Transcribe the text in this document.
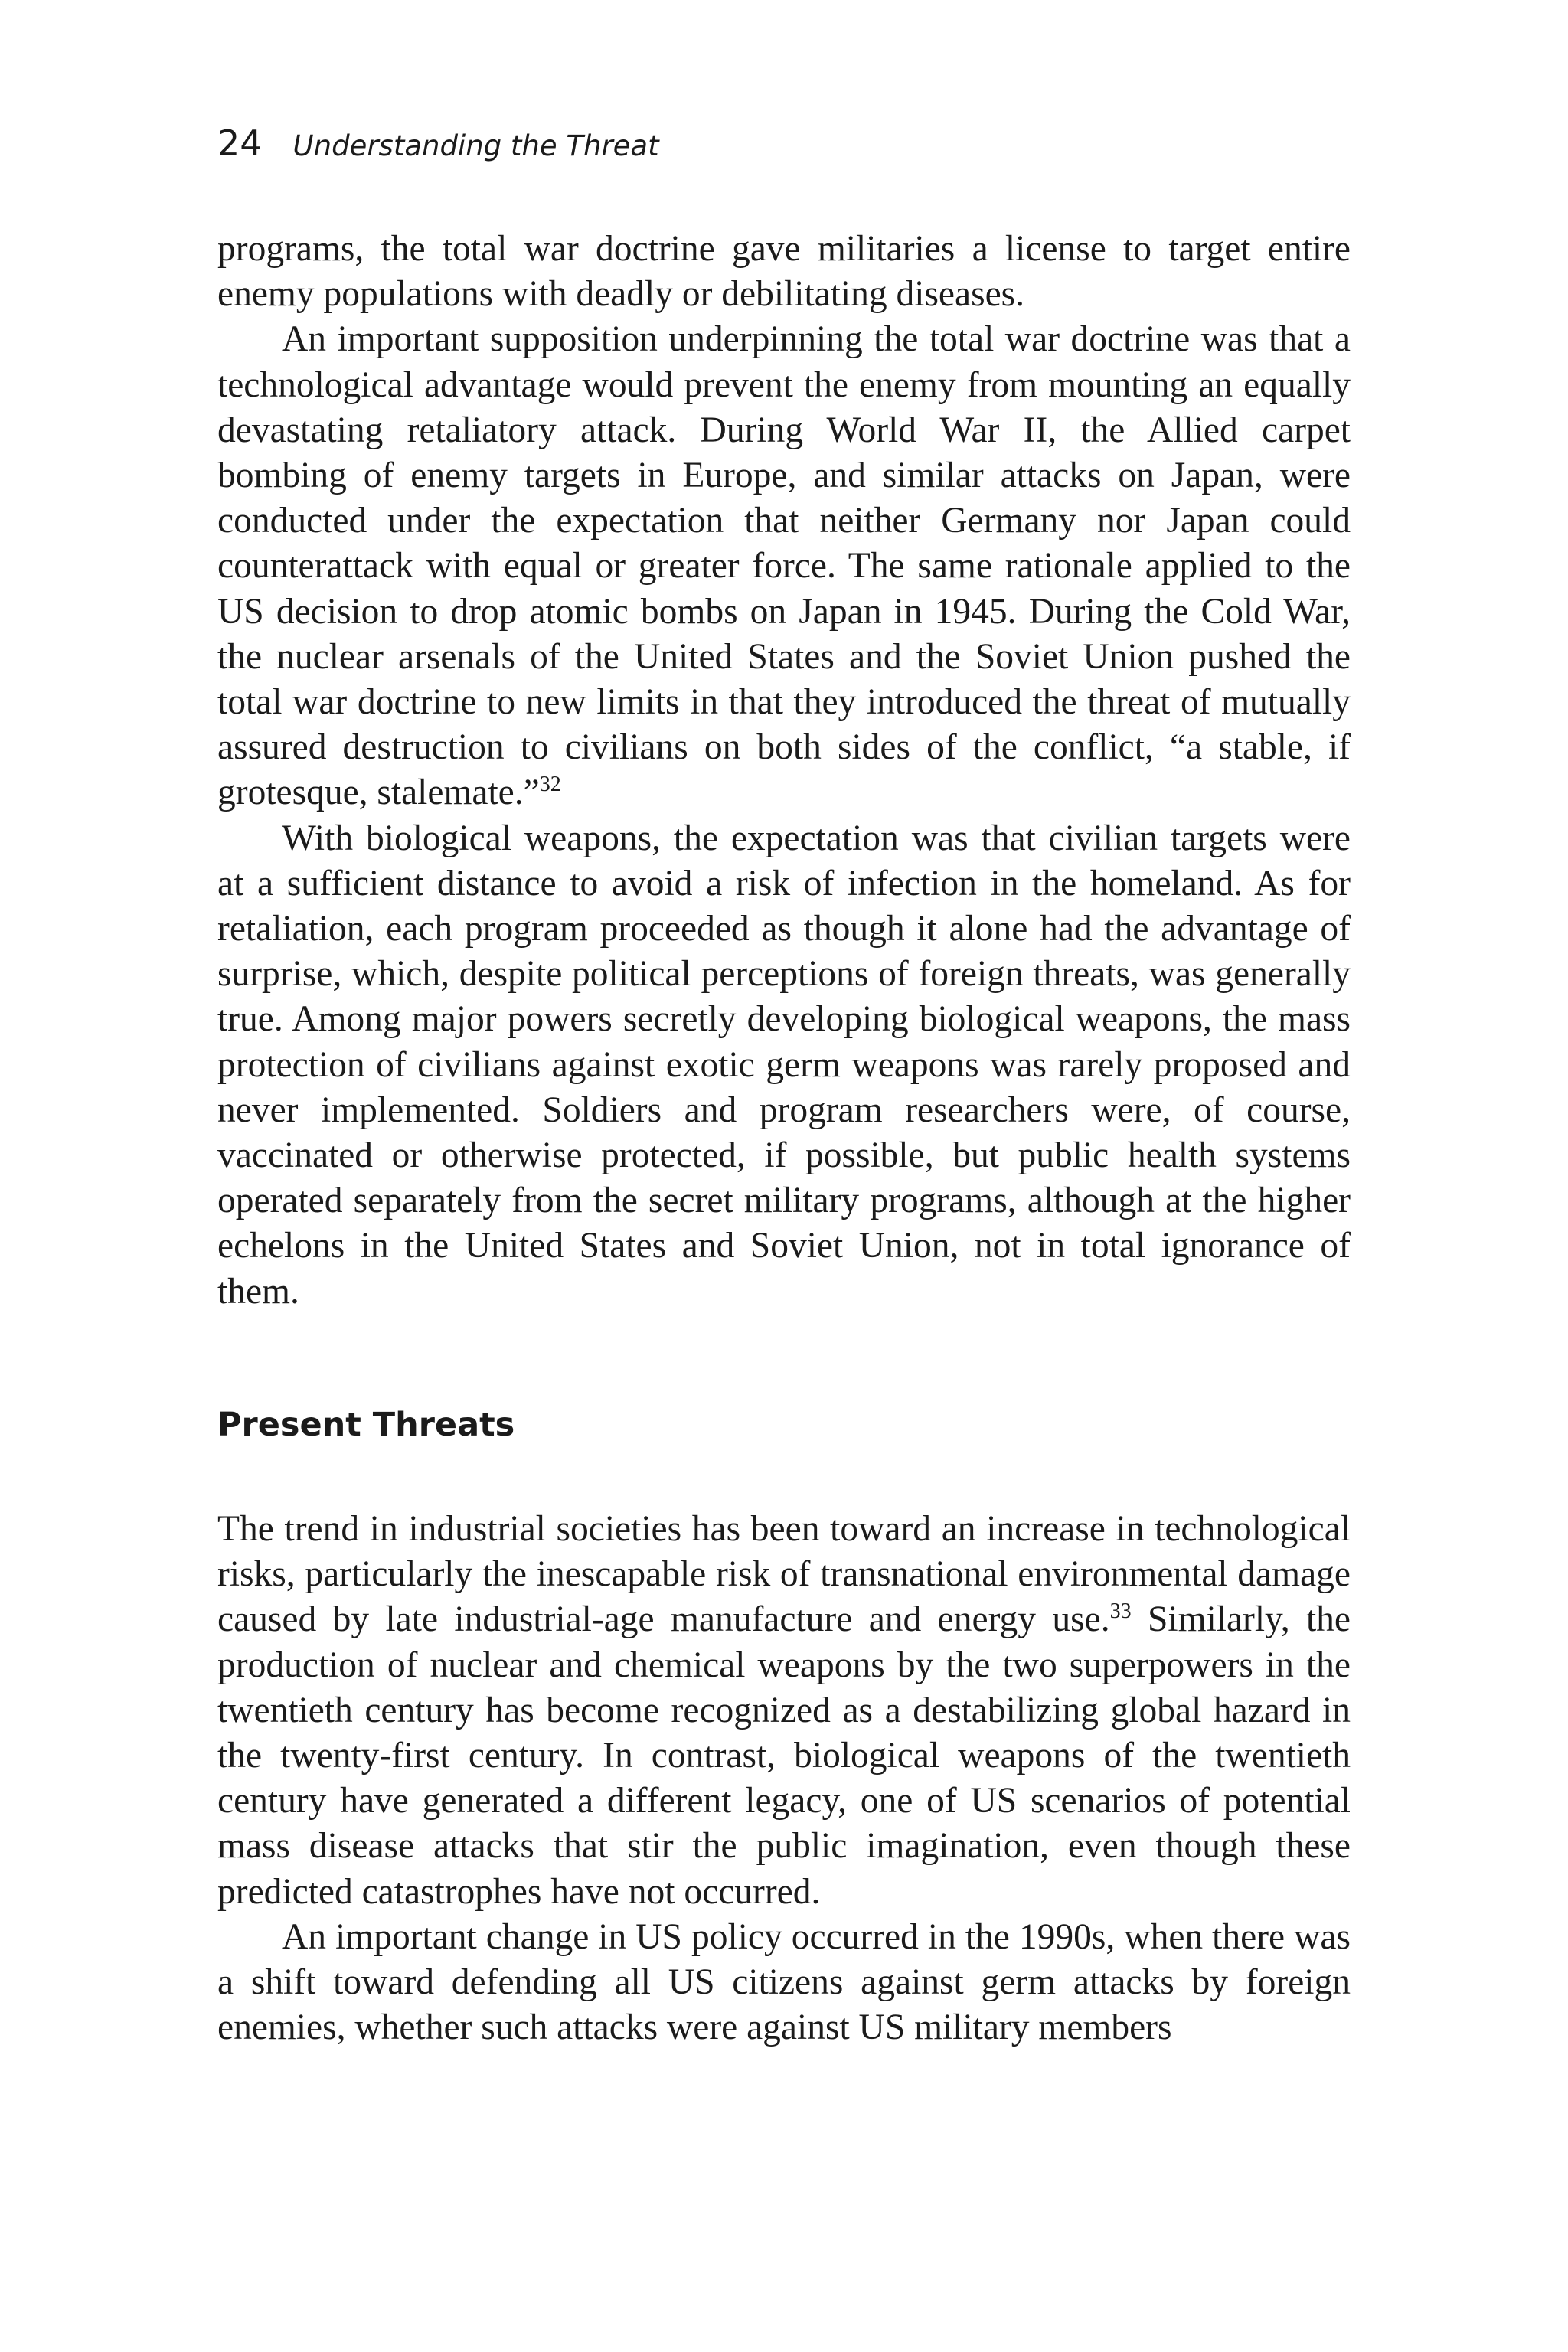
24 Understanding the Threat

programs, the total war doctrine gave militaries a license to target entire enemy populations with deadly or debilitating diseases.

An important supposition underpinning the total war doctrine was that a technological advantage would prevent the enemy from mounting an equally devastating retaliatory attack. During World War II, the Allied carpet bombing of enemy targets in Europe, and similar attacks on Japan, were conducted under the expectation that neither Germany nor Japan could counterattack with equal or greater force. The same rationale applied to the US decision to drop atomic bombs on Japan in 1945. During the Cold War, the nuclear arsenals of the United States and the Soviet Union pushed the total war doctrine to new limits in that they introduced the threat of mutually assured destruction to civilians on both sides of the conflict, “a stable, if grotesque, stalemate.”$^{32}$

With biological weapons, the expectation was that civilian targets were at a sufficient distance to avoid a risk of infection in the homeland. As for retaliation, each program proceeded as though it alone had the advantage of surprise, which, despite political perceptions of foreign threats, was generally true. Among major powers secretly developing biological weapons, the mass protection of civilians against exotic germ weapons was rarely proposed and never implemented. Soldiers and program researchers were, of course, vaccinated or otherwise protected, if possible, but public health systems operated separately from the secret military programs, although at the higher echelons in the United States and Soviet Union, not in total ignorance of them.

Present Threats

The trend in industrial societies has been toward an increase in technological risks, particularly the inescapable risk of transnational environmental damage caused by late industrial-age manufacture and energy use.$^{33}$ Similarly, the production of nuclear and chemical weapons by the two superpowers in the twentieth century has become recognized as a destabilizing global hazard in the twenty-first century. In contrast, biological weapons of the twentieth century have generated a different legacy, one of US scenarios of potential mass disease attacks that stir the public imagination, even though these predicted catastrophes have not occurred.

An important change in US policy occurred in the 1990s, when there was a shift toward defending all US citizens against germ attacks by foreign enemies, whether such attacks were against US military members
